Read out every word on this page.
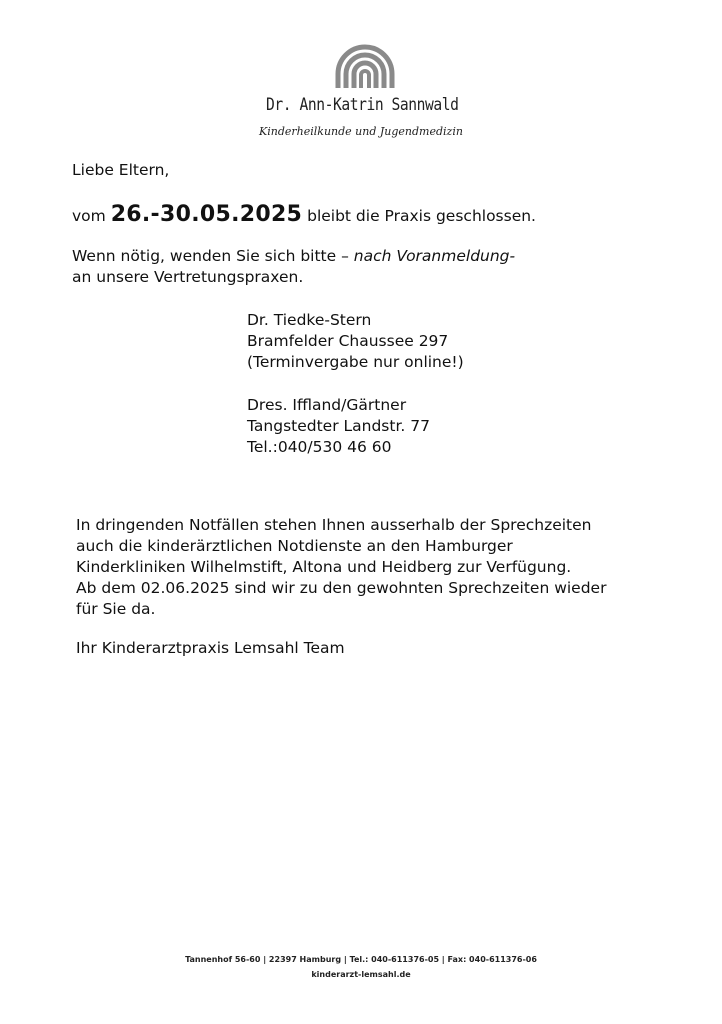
Dr. Ann-Katrin Sannwald
Kinderheilkunde und Jugendmedizin
Liebe Eltern,
vom 26.-30.05.2025 bleibt die Praxis geschlossen.
Wenn nötig, wenden Sie sich bitte – nach Voranmeldung-
an unsere Vertretungspraxen.
Dr. Tiedke-Stern
Bramfelder Chaussee 297
(Terminvergabe nur online!)
Dres. Iffland/Gärtner
Tangstedter Landstr. 77
Tel.:040/530 46 60
In dringenden Notfällen stehen Ihnen ausserhalb der Sprechzeiten
auch die kinderärztlichen Notdienste an den Hamburger
Kinderkliniken Wilhelmstift, Altona und Heidberg zur Verfügung.
Ab dem 02.06.2025 sind wir zu den gewohnten Sprechzeiten wieder
für Sie da.
Ihr Kinderarztpraxis Lemsahl Team
Tannenhof 56-60 | 22397 Hamburg | Tel.: 040-611376-05 | Fax: 040-611376-06
kinderarzt-lemsahl.de
